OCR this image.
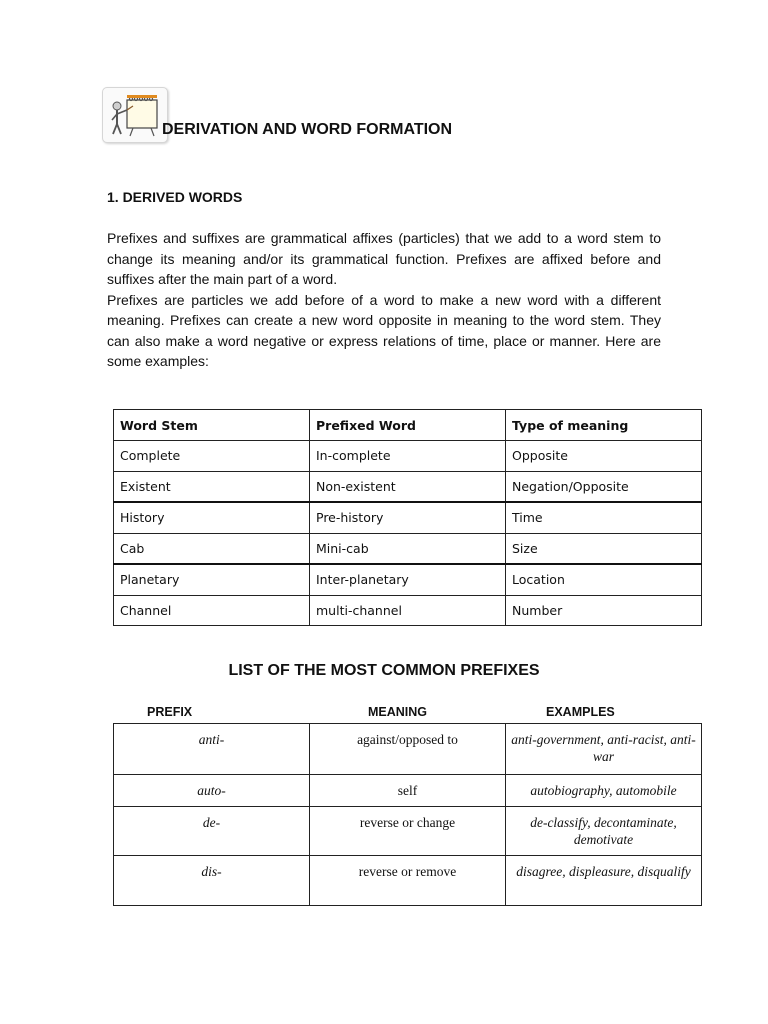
DERIVATION AND WORD FORMATION
1. DERIVED WORDS

Prefixes and suffixes are grammatical affixes (particles) that we add to a word stem to change its meaning and/or its grammatical function. Prefixes are affixed before and suffixes after the main part of a word.

Prefixes are particles we add before of a word to make a new word with a different meaning. Prefixes can create a new word opposite in meaning to the word stem. They can also make a word negative or express relations of time, place or manner. Here are some examples:

Word Stem	Prefixed Word	Type of meaning
Complete	In-complete	Opposite
Existent	Non-existent	Negation/Opposite
History	Pre-history	Time
Cab	Mini-cab	Size
Planetary	Inter-planetary	Location
Channel	multi-channel	Number
LIST OF THE MOST COMMON PREFIXES
PREFIX	MEANING	EXAMPLES
anti-	against/opposed to	anti-government, anti-racist, anti-war
auto-	self	autobiography, automobile
de-	reverse or change	de-classify, decontaminate, demotivate
dis-	reverse or remove	disagree, displeasure, disqualify
